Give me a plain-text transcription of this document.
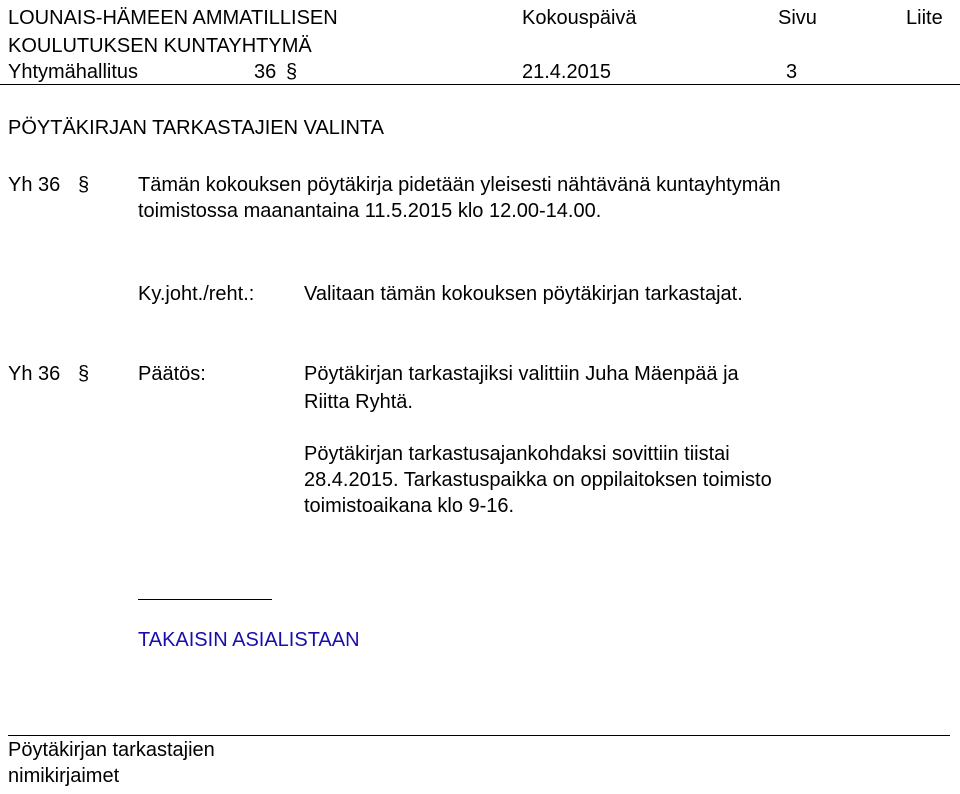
LOUNAIS-HÄMEEN AMMATILLISEN
KOULUTUKSEN KUNTAYHTYMÄ
Yhtymähallitus	36 §
Kokouspäivä
21.4.2015
Sivu
3
Liite
PÖYTÄKIRJAN TARKASTAJIEN VALINTA
Yh 36 § Tämän kokouksen pöytäkirja pidetään yleisesti nähtävänä kuntayhtymän
toimistossa maanantaina 11.5.2015 klo 12.00-14.00.
Ky.joht./reht.: Valitaan tämän kokouksen pöytäkirjan tarkastajat.
Yh 36 § Päätös:	Pöytäkirjan tarkastajiksi valittiin Juha Mäenpää ja
Riitta Ryhtä.
Pöytäkirjan tarkastusajankohdaksi sovittiin tiistai
28.4.2015. Tarkastuspaikka on oppilaitoksen toimisto
toimistoaikana klo 9-16.
TAKAISIN ASIALISTAAN
Pöytäkirjan tarkastajien
nimikirjaimet
